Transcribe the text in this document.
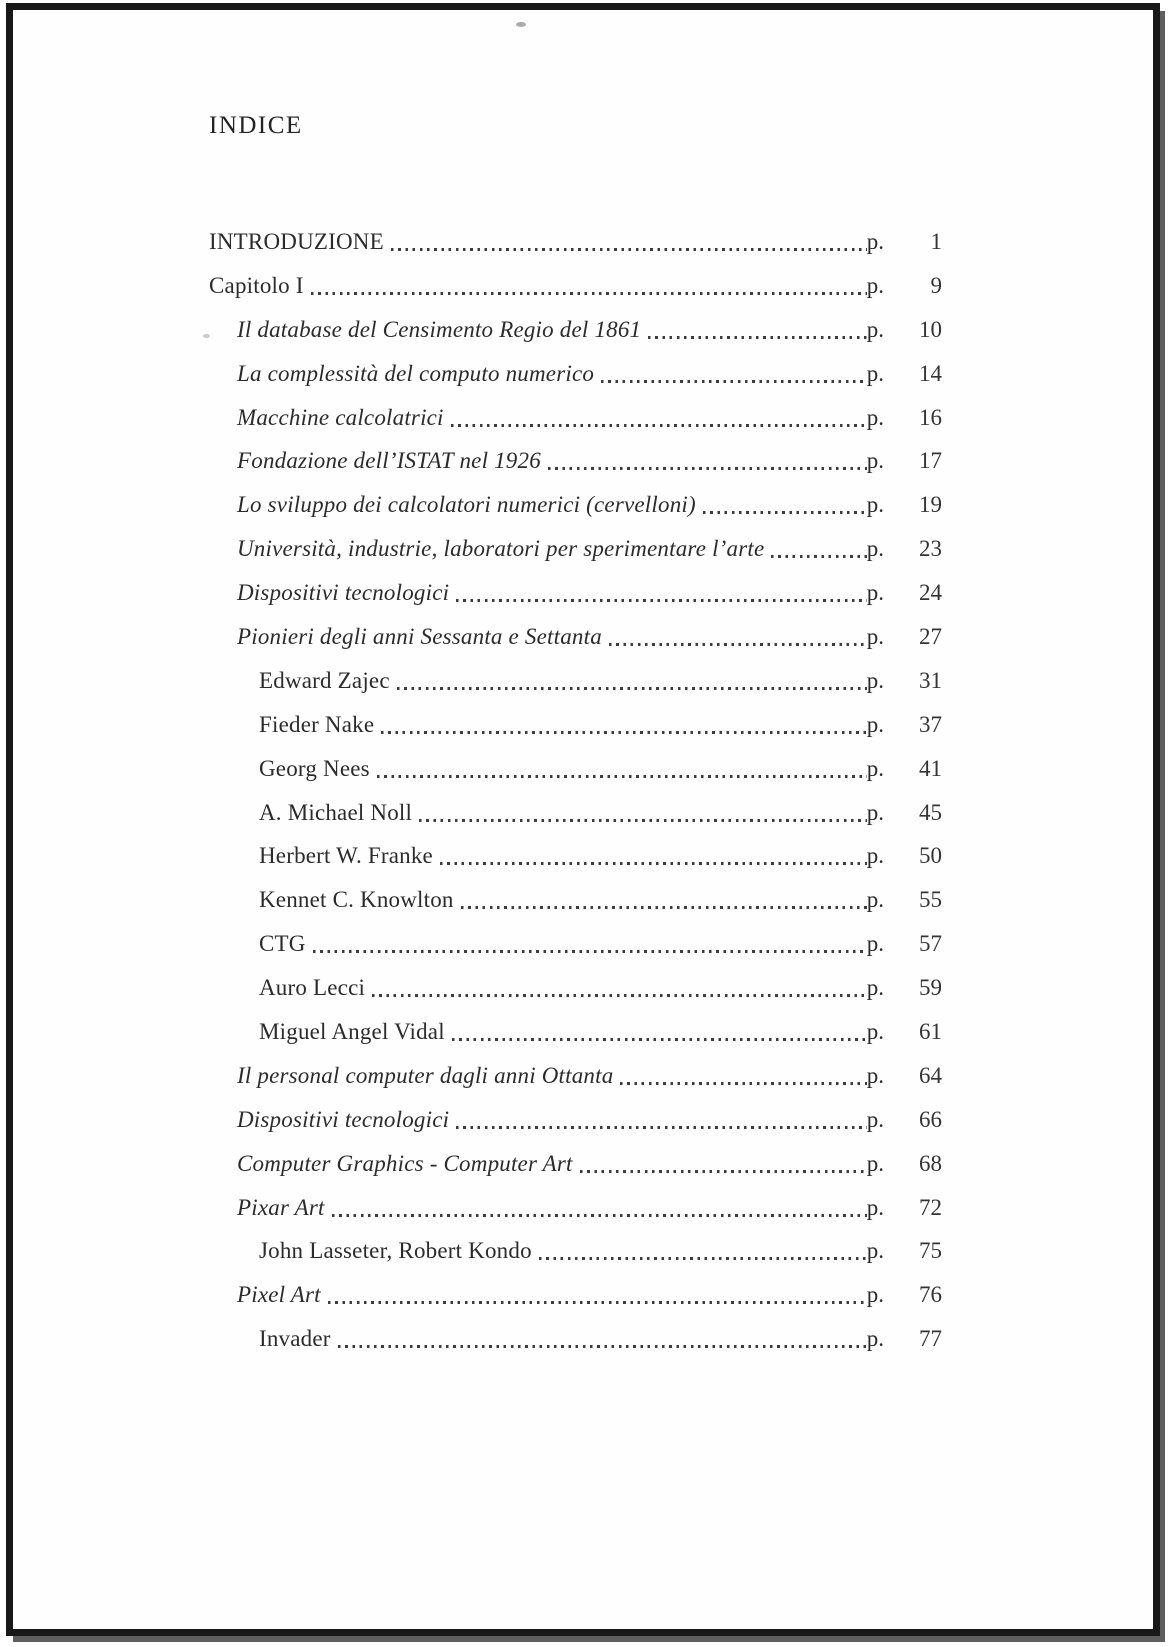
INDICE
INTRODUZIONE	p.	1
Capitolo I	p.	9
Il database del Censimento Regio del 1861	p.	10
La complessità del computo numerico	p.	14
Macchine calcolatrici	p.	16
Fondazione dell’ISTAT nel 1926	p.	17
Lo sviluppo dei calcolatori numerici (cervelloni)	p.	19
Università, industrie, laboratori per sperimentare l’arte	p.	23
Dispositivi tecnologici	p.	24
Pionieri degli anni Sessanta e Settanta	p.	27
Edward Zajec	p.	31
Fieder Nake	p.	37
Georg Nees	p.	41
A. Michael Noll	p.	45
Herbert W. Franke	p.	50
Kennet C. Knowlton	p.	55
CTG	p.	57
Auro Lecci	p.	59
Miguel Angel Vidal	p.	61
Il personal computer dagli anni Ottanta	p.	64
Dispositivi tecnologici	p.	66
Computer Graphics - Computer Art	p.	68
Pixar Art	p.	72
John Lasseter, Robert Kondo	p.	75
Pixel Art	p.	76
Invader	p.	77
